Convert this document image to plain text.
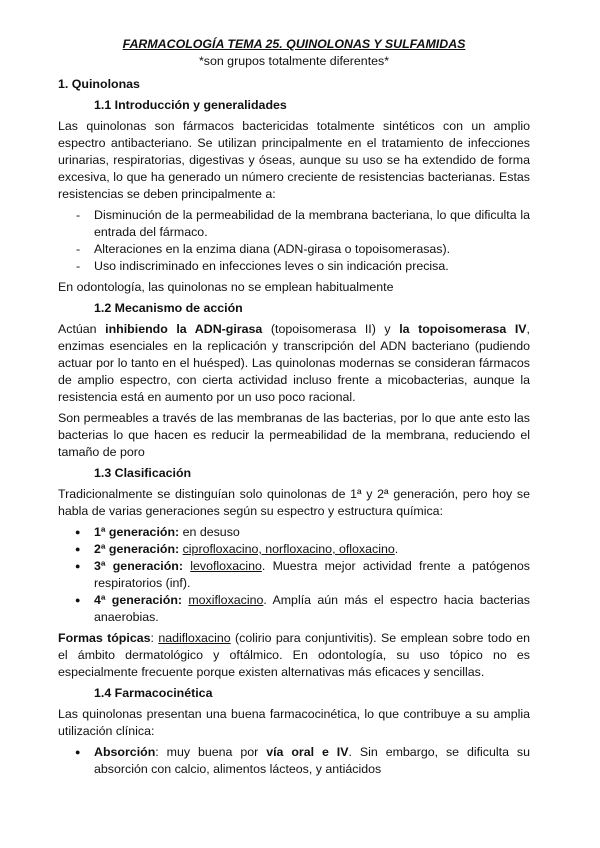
FARMACOLOGÍA TEMA 25. QUINOLONAS Y SULFAMIDAS

*son grupos totalmente diferentes*

1. Quinolonas

1.1 Introducción y generalidades

Las quinolonas son fármacos bactericidas totalmente sintéticos con un amplio espectro antibacteriano. Se utilizan principalmente en el tratamiento de infecciones urinarias, respiratorias, digestivas y óseas, aunque su uso se ha extendido de forma excesiva, lo que ha generado un número creciente de resistencias bacterianas. Estas resistencias se deben principalmente a:

- Disminución de la permeabilidad de la membrana bacteriana, lo que dificulta la entrada del fármaco.
- Alteraciones en la enzima diana (ADN-girasa o topoisomerasas).
- Uso indiscriminado en infecciones leves o sin indicación precisa.

En odontología, las quinolonas no se emplean habitualmente

1.2 Mecanismo de acción

Actúan inhibiendo la ADN-girasa (topoisomerasa II) y la topoisomerasa IV, enzimas esenciales en la replicación y transcripción del ADN bacteriano (pudiendo actuar por lo tanto en el huésped). Las quinolonas modernas se consideran fármacos de amplio espectro, con cierta actividad incluso frente a micobacterias, aunque la resistencia está en aumento por un uso poco racional.

Son permeables a través de las membranas de las bacterias, por lo que ante esto las bacterias lo que hacen es reducir la permeabilidad de la membrana, reduciendo el tamaño de poro

1.3 Clasificación

Tradicionalmente se distinguían solo quinolonas de 1ª y 2ª generación, pero hoy se habla de varias generaciones según su espectro y estructura química:

● 1ª generación: en desuso
● 2ª generación: ciprofloxacino, norfloxacino, ofloxacino.
● 3ª generación: levofloxacino. Muestra mejor actividad frente a patógenos respiratorios (inf).
● 4ª generación: moxifloxacino. Amplía aún más el espectro hacia bacterias anaerobias.

Formas tópicas: nadifloxacino (colirio para conjuntivitis). Se emplean sobre todo en el ámbito dermatológico y oftálmico. En odontología, su uso tópico no es especialmente frecuente porque existen alternativas más eficaces y sencillas.

1.4 Farmacocinética

Las quinolonas presentan una buena farmacocinética, lo que contribuye a su amplia utilización clínica:

● Absorción: muy buena por vía oral e IV. Sin embargo, se dificulta su absorción con calcio, alimentos lácteos, y antiácidos
